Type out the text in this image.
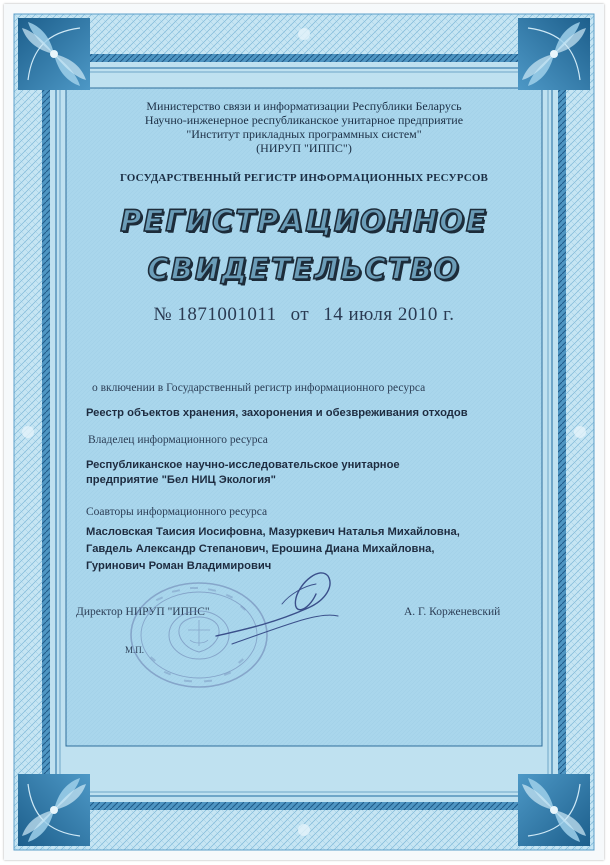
Министерство связи и информатизации Республики Беларусь

Научно-инженерное республиканское унитарное предприятие

"Институт прикладных программных систем"

(НИРУП "ИППС")

ГОСУДАРСТВЕННЫЙ РЕГИСТР ИНФОРМАЦИОННЫХ РЕСУРСОВ

РЕГИСТРАЦИОННОЕ

СВИДЕТЕЛЬСТВО

№ 1871001011 от 14 июля 2010 г.

о включении в Государственный регистр информационного ресурса

Реестр объектов хранения, захоронения и обезвреживания отходов

Владелец информационного ресурса

Республиканское научно-исследовательское унитарное

предприятие "Бел НИЦ Экология"

Соавторы информационного ресурса

Масловская Таисия Иосифовна, Мазуркевич Наталья Михайловна,

Гавдель Александр Степанович, Ерошина Диана Михайловна,

Гуринович Роман Владимирович

Директор НИРУП "ИППС"	А. Г. Корженевский

М.П.
